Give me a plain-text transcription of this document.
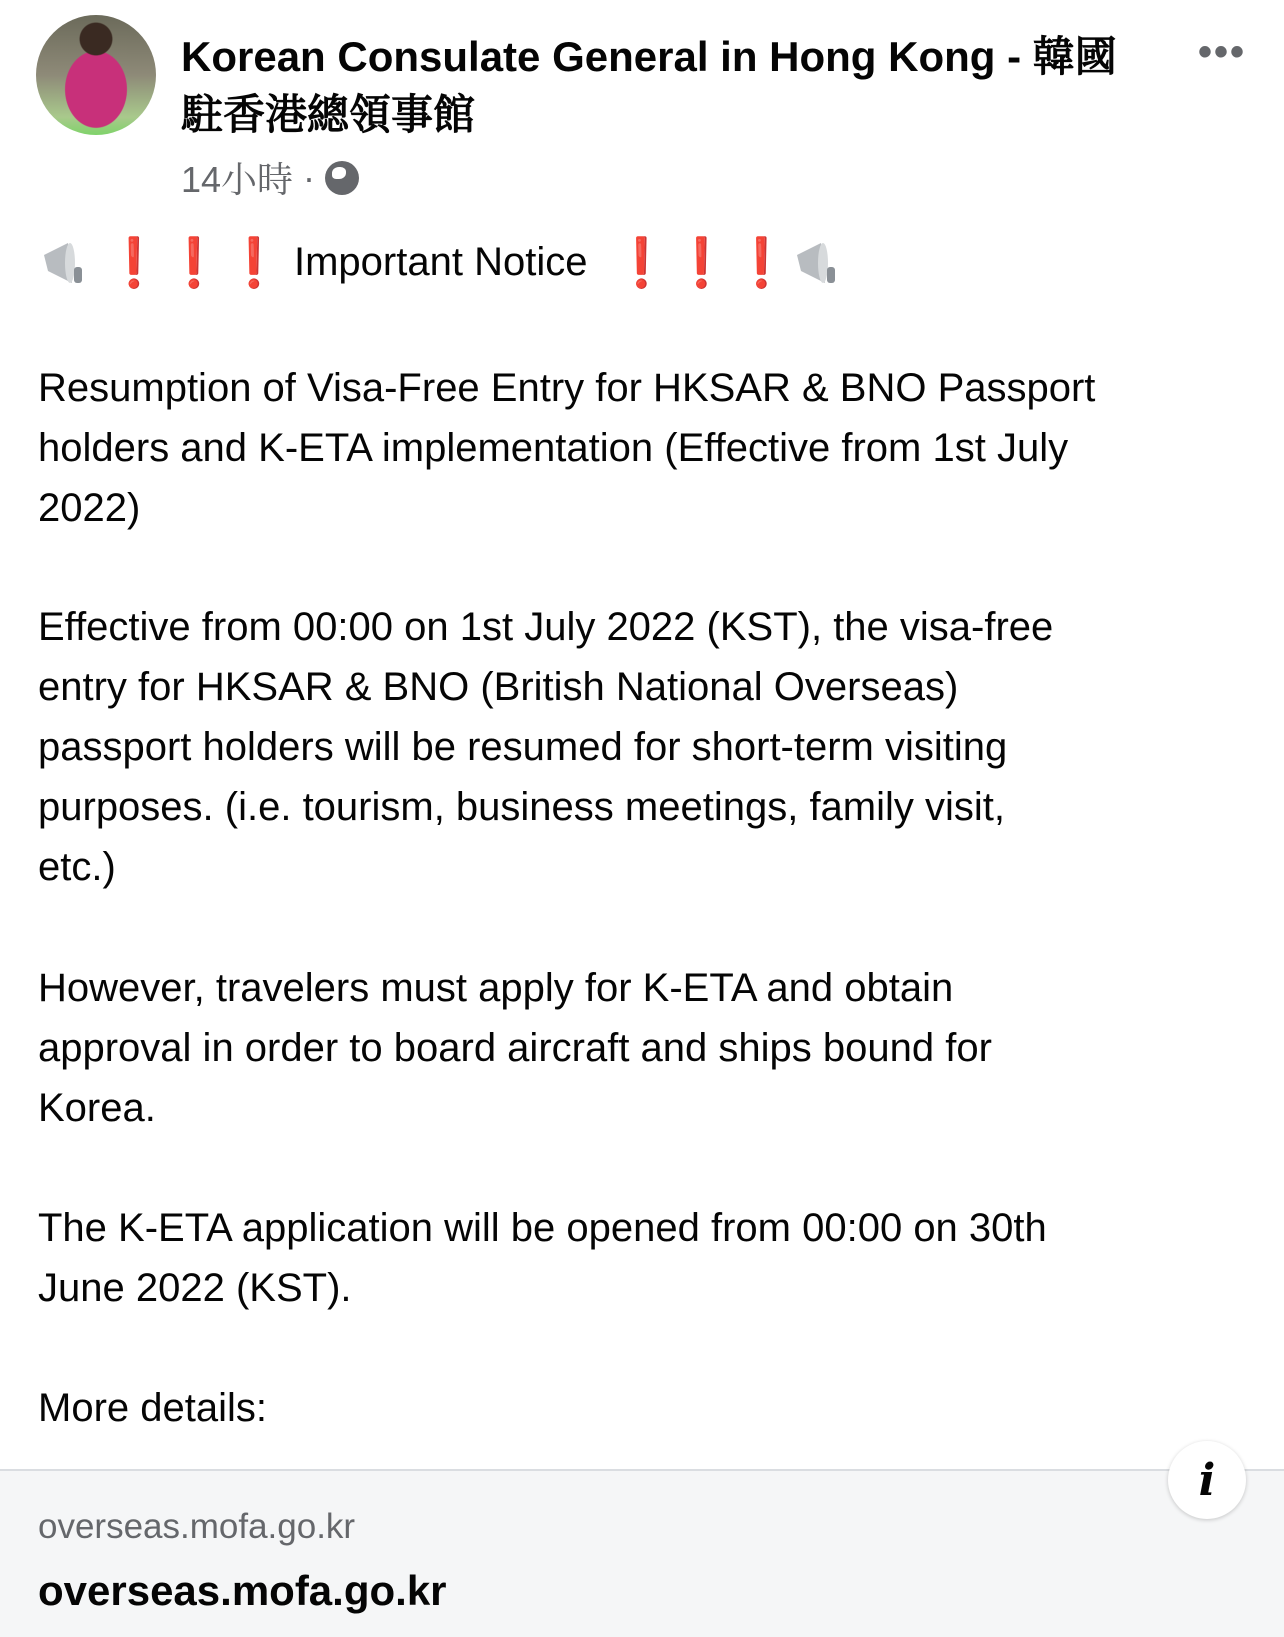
Korean Consulate General in Hong Kong - 韓國駐香港總領事館
•••
14小時 ·
❗ ❗ ❗ Important Notice ❗ ❗ ❗
Resumption of Visa-Free Entry for HKSAR & BNO Passport
holders and K-ETA implementation (Effective from 1st July
2022)
Effective from 00:00 on 1st July 2022 (KST), the visa-free
entry for HKSAR & BNO (British National Overseas)
passport holders will be resumed for short-term visiting
purposes. (i.e. tourism, business meetings, family visit,
etc.)
However, travelers must apply for K-ETA and obtain
approval in order to board aircraft and ships bound for
Korea.
The K-ETA application will be opened from 00:00 on 30th
June 2022 (KST).
More details:
overseas.mofa.go.kr
overseas.mofa.go.kr
i
